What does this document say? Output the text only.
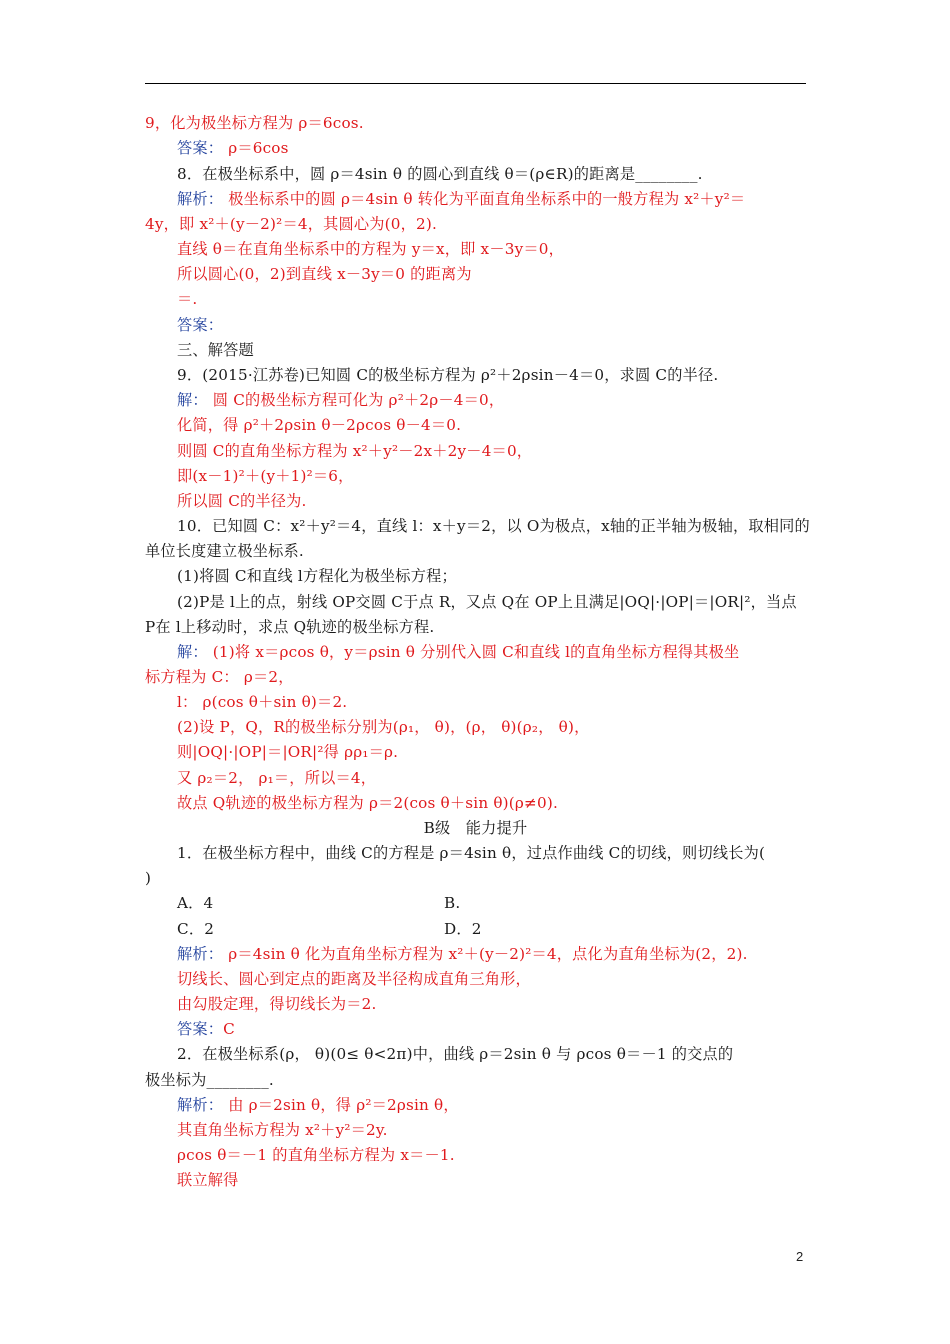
9，化为极坐标方程为 ρ＝6cos.
答案： ρ＝6cos
8．在极坐标系中，圆 ρ＝4sin θ 的圆心到直线 θ＝(ρ∈R)的距离是________.
解析： 极坐标系中的圆 ρ＝4sin θ 转化为平面直角坐标系中的一般方程为 x²＋y²＝
4y，即 x²＋(y－2)²＝4，其圆心为(0，2).
直线 θ＝在直角坐标系中的方程为 y＝x，即 x－3y＝0，
所以圆心(0，2)到直线 x－3y＝0 的距离为
＝.
答案：
三、解答题
9．(2015·江苏卷)已知圆 C的极坐标方程为 ρ²＋2ρsin－4＝0，求圆 C的半径.
解： 圆 C的极坐标方程可化为 ρ²＋2ρ－4＝0，
化简，得 ρ²＋2ρsin θ－2ρcos θ－4＝0.
则圆 C的直角坐标方程为 x²＋y²－2x＋2y－4＝0，
即(x－1)²＋(y＋1)²＝6，
所以圆 C的半径为.
10．已知圆 C：x²＋y²＝4，直线 l：x＋y＝2，以 O为极点，x轴的正半轴为极轴，取相同的
单位长度建立极坐标系.
(1)将圆 C和直线 l方程化为极坐标方程；
(2)P是 l上的点，射线 OP交圆 C于点 R，又点 Q在 OP上且满足|OQ|·|OP|＝|OR|²，当点
P在 l上移动时，求点 Q轨迹的极坐标方程.
解： (1)将 x＝ρcos θ，y＝ρsin θ 分别代入圆 C和直线 l的直角坐标方程得其极坐
标方程为 C： ρ＝2，
l： ρ(cos θ＋sin θ)＝2.
(2)设 P，Q，R的极坐标分别为(ρ₁， θ)，(ρ， θ)(ρ₂， θ)，
则|OQ|·|OP|＝|OR|²得 ρρ₁＝ρ.
又 ρ₂＝2， ρ₁＝，所以＝4，
故点 Q轨迹的极坐标方程为 ρ＝2(cos θ＋sin θ)(ρ≠0).
B级　能力提升
1．在极坐标方程中，曲线 C的方程是 ρ＝4sin θ，过点作曲线 C的切线，则切线长为(
)
A．4	B.
C．2	D．2
解析： ρ＝4sin θ 化为直角坐标方程为 x²＋(y－2)²＝4，点化为直角坐标为(2，2).
切线长、圆心到定点的距离及半径构成直角三角形，
由勾股定理，得切线长为＝2.
答案：C
2．在极坐标系(ρ， θ)(0≤ θ<2π)中，曲线 ρ＝2sin θ 与 ρcos θ＝－1 的交点的
极坐标为________.
解析： 由 ρ＝2sin θ，得 ρ²＝2ρsin θ，
其直角坐标方程为 x²＋y²＝2y.
ρcos θ＝－1 的直角坐标方程为 x＝－1.
联立解得
2
